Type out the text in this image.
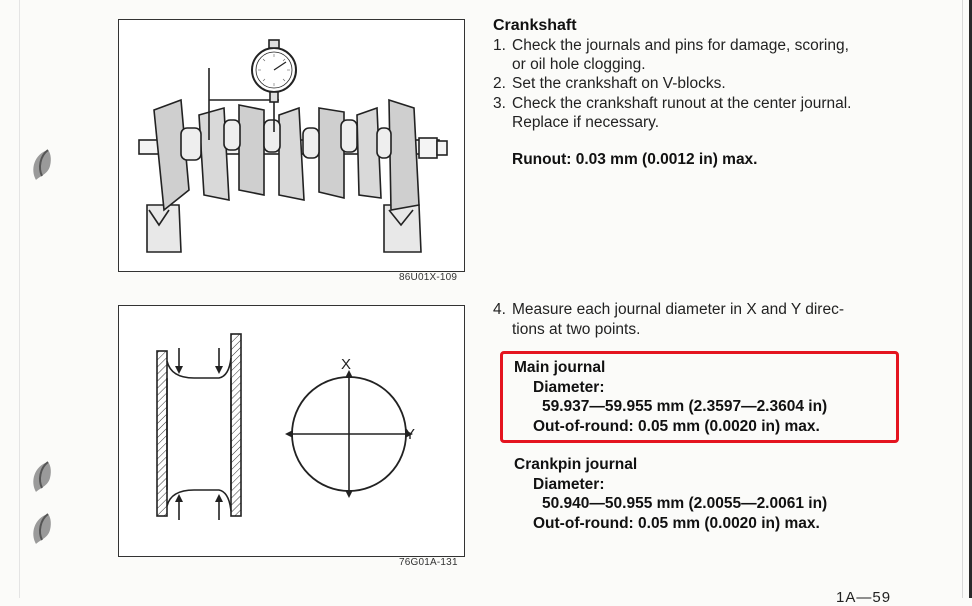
86U01X-109
X
Y
76G01A-131
Crankshaft
1. Check the journals and pins for damage, scoring,
or oil hole clogging.
2. Set the crankshaft on V-blocks.
3. Check the crankshaft runout at the center journal.
Replace if necessary.
Runout: 0.03 mm (0.0012 in) max.
4. Measure each journal diameter in X and Y direc-
tions at two points.
Main journal
Diameter:
59.937—59.955 mm (2.3597—2.3604 in)
Out-of-round: 0.05 mm (0.0020 in) max.
Crankpin journal
Diameter:
50.940—50.955 mm (2.0055—2.0061 in)
Out-of-round: 0.05 mm (0.0020 in) max.
1A—59
